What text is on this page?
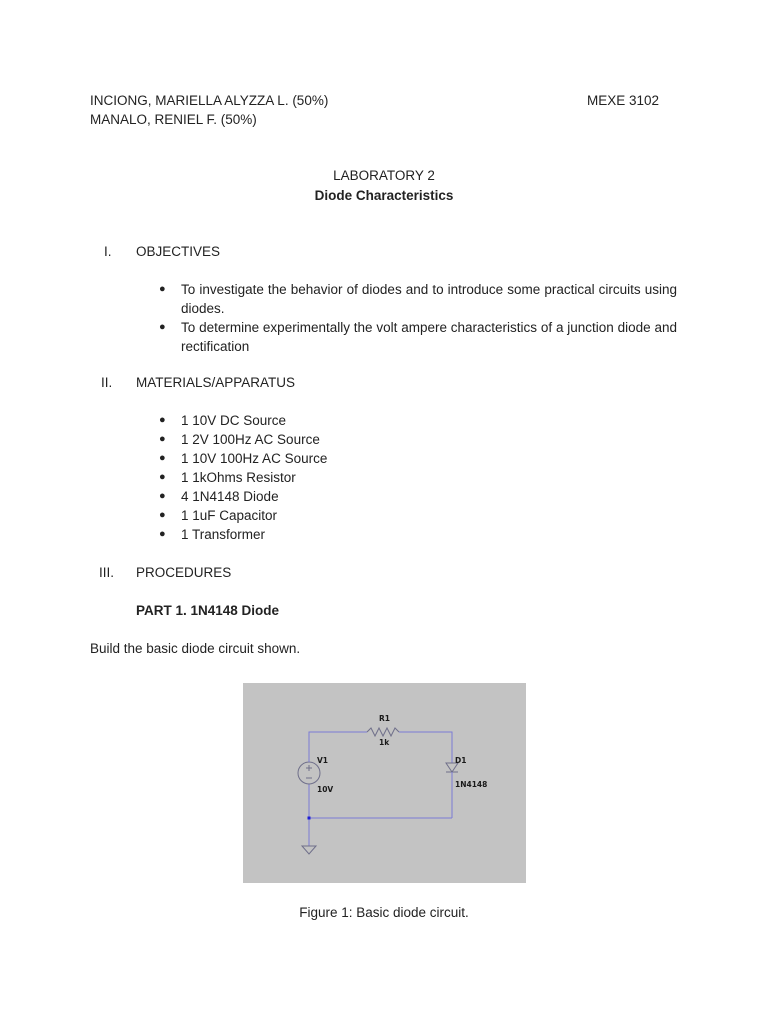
INCIONG, MARIELLA ALYZZA L. (50%)
MANALO, RENIEL F. (50%)
MEXE 3102
LABORATORY 2
Diode Characteristics
I. OBJECTIVES
● To investigate the behavior of diodes and to introduce some practical circuits using diodes.
● To determine experimentally the volt ampere characteristics of a junction diode and rectification
II. MATERIALS/APPARATUS
● 1 10V DC Source
● 1 2V 100Hz AC Source
● 1 10V 100Hz AC Source
● 1 1kOhms Resistor
● 4 1N4148 Diode
● 1 1uF Capacitor
● 1 Transformer
III. PROCEDURES
PART 1. 1N4148 Diode
Build the basic diode circuit shown.
R1
1k
V1
10V
D1
1N4148
Figure 1: Basic diode circuit.
